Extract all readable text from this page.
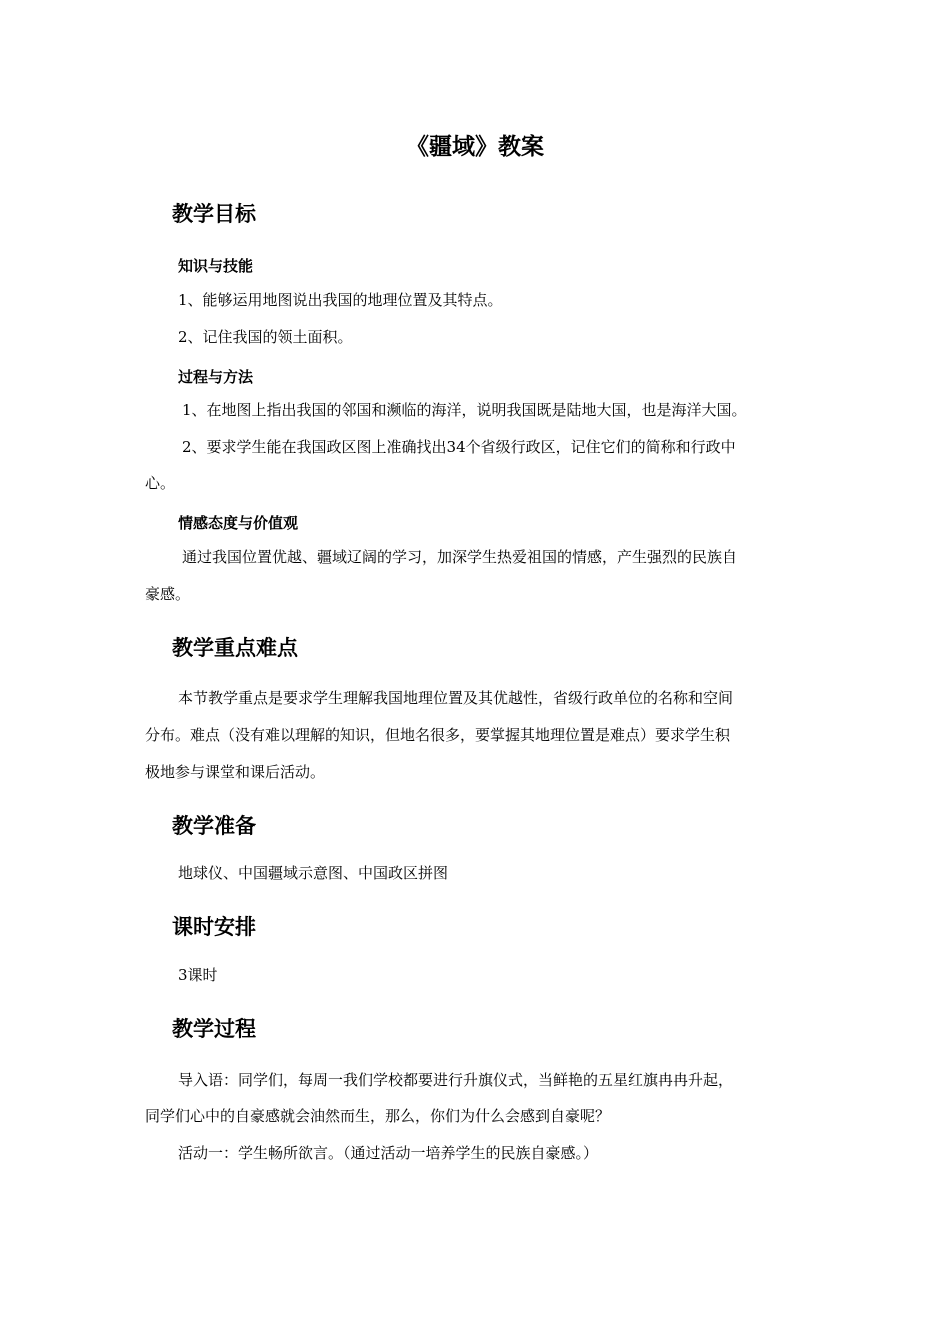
《疆域》教案
教学目标
知识与技能
1、能够运用地图说出我国的地理位置及其特点。
2、记住我国的领土面积。
过程与方法
1、在地图上指出我国的邻国和濒临的海洋，说明我国既是陆地大国，也是海洋大国。
2、要求学生能在我国政区图上准确找出34个省级行政区，记住它们的简称和行政中
心。
情感态度与价值观
通过我国位置优越、疆域辽阔的学习，加深学生热爱祖国的情感，产生强烈的民族自
豪感。
教学重点难点
本节教学重点是要求学生理解我国地理位置及其优越性，省级行政单位的名称和空间
分布。难点（没有难以理解的知识，但地名很多，要掌握其地理位置是难点）要求学生积
极地参与课堂和课后活动。
教学准备
地球仪、中国疆域示意图、中国政区拼图
课时安排
3课时
教学过程
导入语：同学们，每周一我们学校都要进行升旗仪式，当鲜艳的五星红旗冉冉升起，
同学们心中的自豪感就会油然而生，那么，你们为什么会感到自豪呢？
活动一：学生畅所欲言。（通过活动一培养学生的民族自豪感。）
